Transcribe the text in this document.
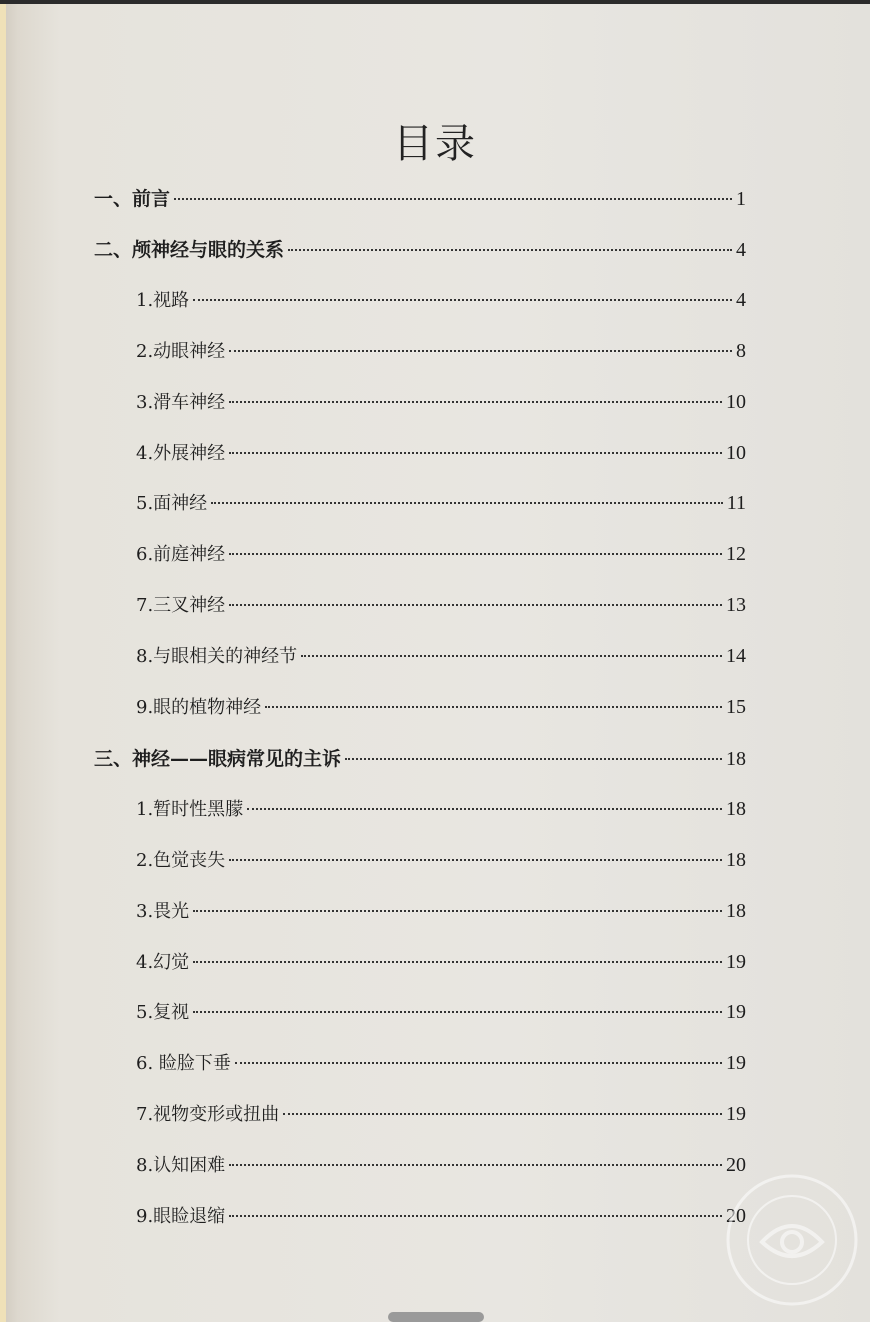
目录
一、前言	1
二、颅神经与眼的关系	4
1.视路	4
2.动眼神经	8
3.滑车神经	10
4.外展神经	10
5.面神经	11
6.前庭神经	12
7.三叉神经	13
8.与眼相关的神经节	14
9.眼的植物神经	15
三、神经——眼病常见的主诉	18
1.暂时性黑朦	18
2.色觉丧失	18
3.畏光	18
4.幻觉	19
5.复视	19
6. 睑脸下垂	19
7.视物变形或扭曲	19
8.认知困难	20
9.眼睑退缩	20
